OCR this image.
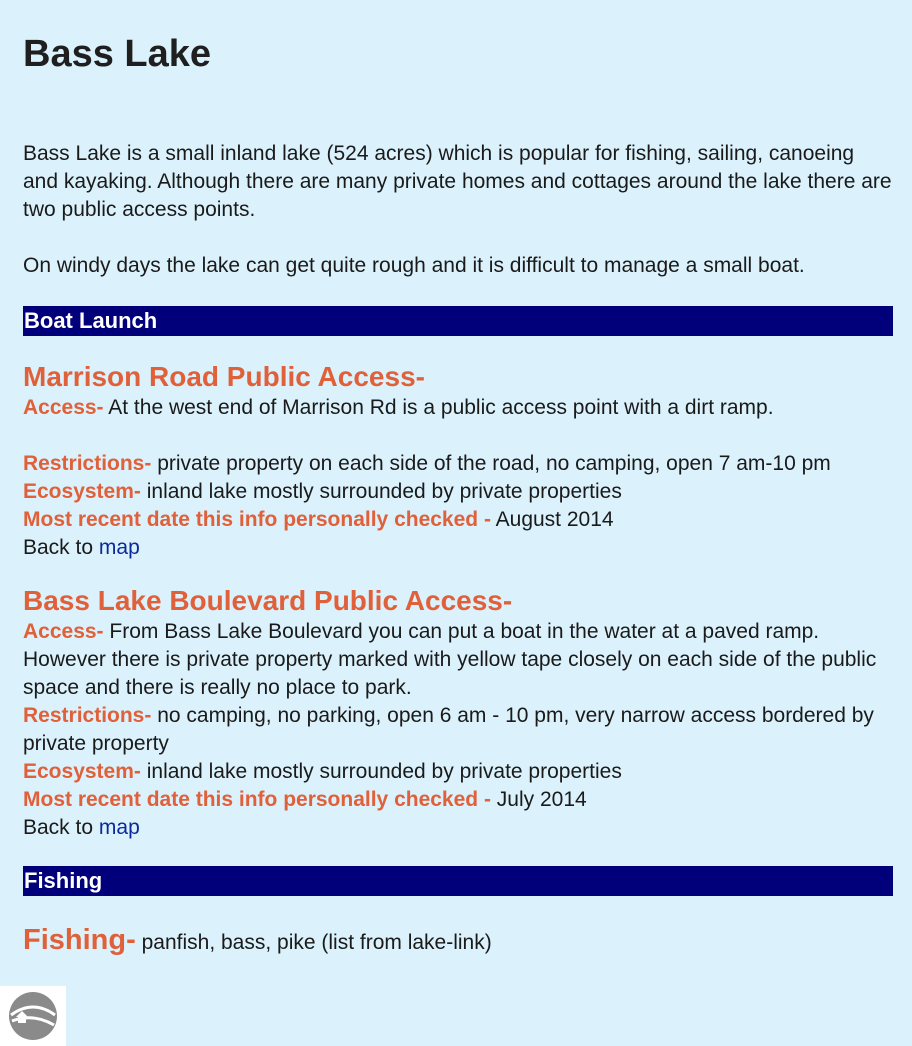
Bass Lake

Bass Lake is a small inland lake (524 acres) which is popular for fishing, sailing, canoeing and kayaking. Although there are many private homes and cottages around the lake there are two public access points.

On windy days the lake can get quite rough and it is difficult to manage a small boat.

Boat Launch
Marrison Road Public Access-

Access- At the west end of Marrison Rd is a public access point with a dirt ramp.

Restrictions- private property on each side of the road, no camping, open 7 am-10 pm

Ecosystem- inland lake mostly surrounded by private properties

Most recent date this info personally checked - August 2014

Back to map

Bass Lake Boulevard Public Access-

Access- From Bass Lake Boulevard you can put a boat in the water at a paved ramp. However there is private property marked with yellow tape closely on each side of the public space and there is really no place to park.

Restrictions- no camping, no parking, open 6 am - 10 pm, very narrow access bordered by private property

Ecosystem- inland lake mostly surrounded by private properties

Most recent date this info personally checked - July 2014

Back to map

Fishing

Fishing- panfish, bass, pike (list from lake-link)
